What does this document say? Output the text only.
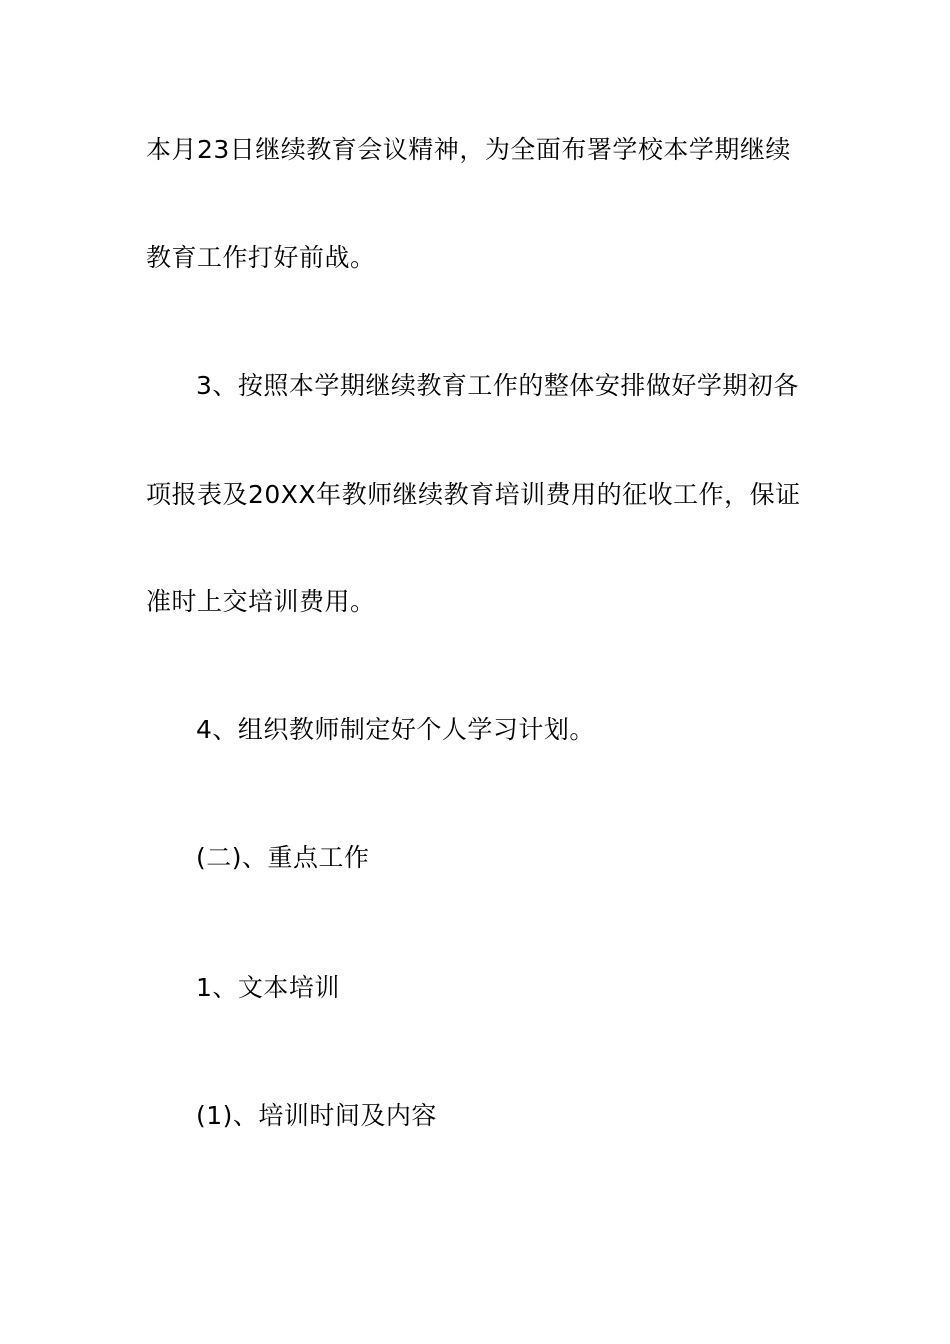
本月23日继续教育会议精神，为全面布署学校本学期继续
教育工作打好前战。
3、按照本学期继续教育工作的整体安排做好学期初各
项报表及20XX年教师继续教育培训费用的征收工作，保证
准时上交培训费用。
4、组织教师制定好个人学习计划。
(二)、重点工作
1、文本培训
(1)、培训时间及内容
